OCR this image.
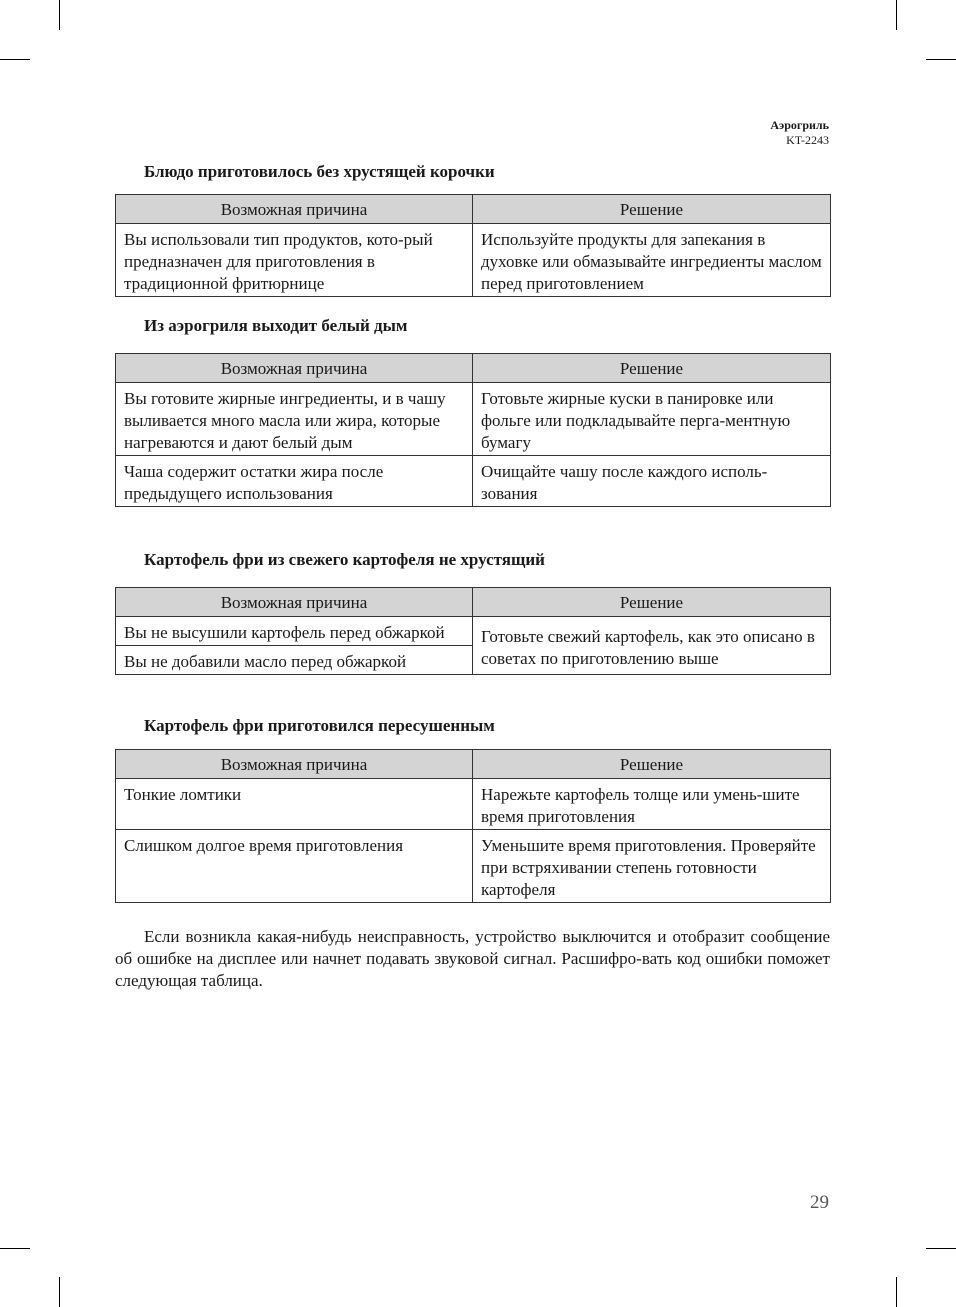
Аэрогриль
KT-2243
Блюдо приготовилось без хрустящей корочки
Возможная причина	Решение
Вы использовали тип продуктов, кото-рый предназначен для приготовления в традиционной фритюрнице	Используйте продукты для запекания в духовке или обмазывайте ингредиенты маслом перед приготовлением
Из аэрогриля выходит белый дым
Возможная причина	Решение
Вы готовите жирные ингредиенты, и в чашу выливается много масла или жира, которые нагреваются и дают белый дым	Готовьте жирные куски в панировке или фольге или подкладывайте перга-ментную бумагу
Чаша содержит остатки жира после предыдущего использования	Очищайте чашу после каждого исполь-зования
Картофель фри из свежего картофеля не хрустящий
Возможная причина	Решение
Вы не высушили картофель перед обжаркой	Готовьте свежий картофель, как это описано в советах по приготовлению выше
Вы не добавили масло перед обжаркой	
Картофель фри приготовился пересушенным
Возможная причина	Решение
Тонкие ломтики	Нарежьте картофель толще или умень-шите время приготовления
Слишком долгое время приготовления	Уменьшите время приготовления. Проверяйте при встряхивании степень готовности картофеля
Если возникла какая-нибудь неисправность, устройство выключится и отобразит сообщение об ошибке на дисплее или начнет подавать звуковой сигнал. Расшифро-вать код ошибки поможет следующая таблица.
29
